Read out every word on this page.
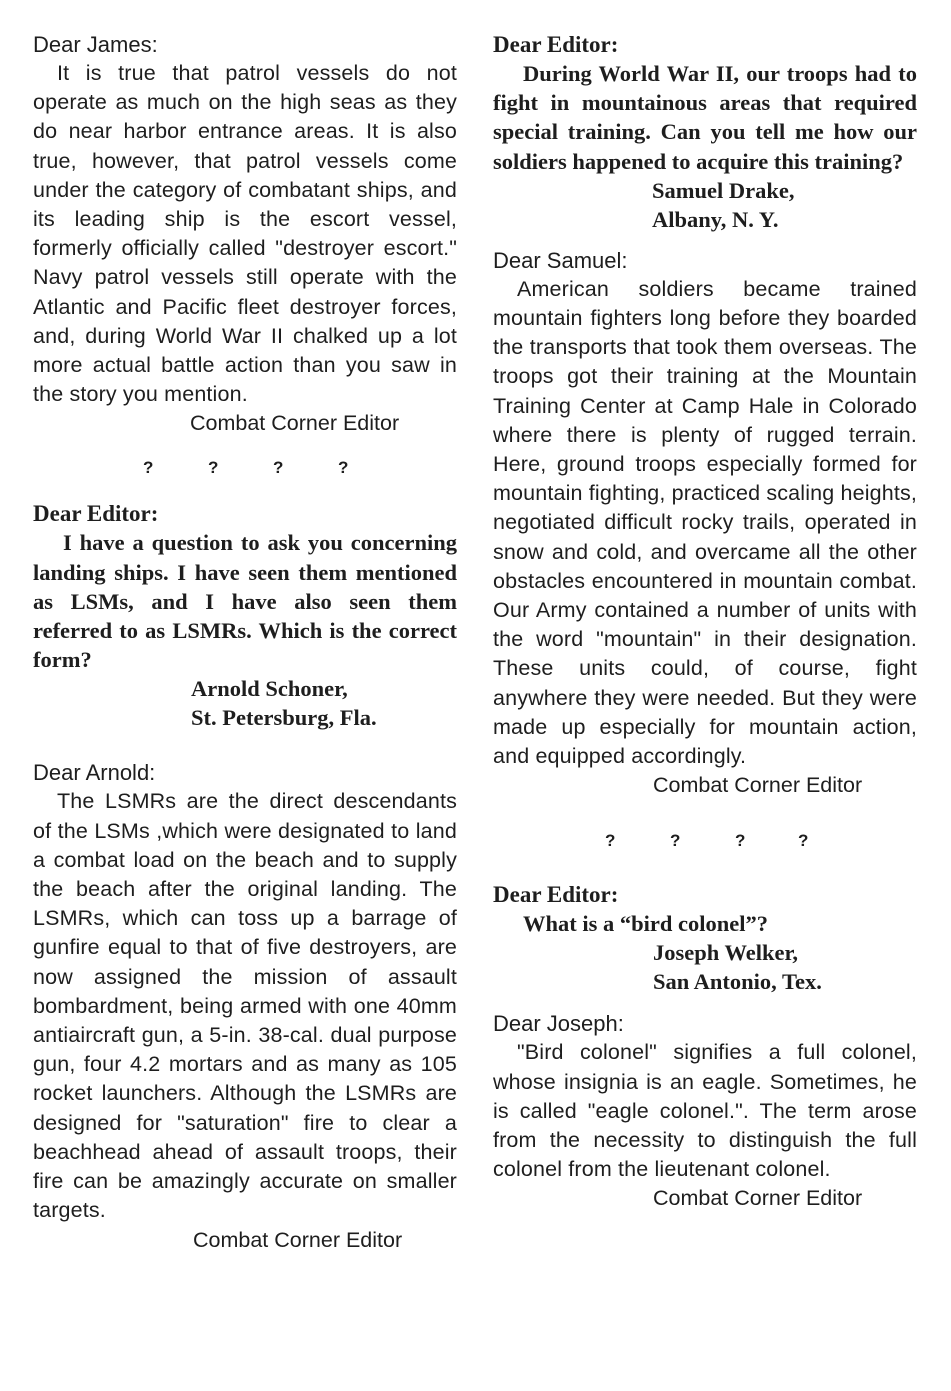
Dear James:

It is true that patrol vessels do not operate as much on the high seas as they do near harbor entrance areas. It is also true, however, that patrol vessels come under the category of combatant ships, and its leading ship is the escort vessel, formerly officially called "destroyer escort." Navy patrol vessels still operate with the Atlantic and Pacific fleet destroyer forces, and, during World War II chalked up a lot more actual battle action than you saw in the story you mention.

Combat Corner Editor

?	?	?	?

Dear Editor:

I have a question to ask you concerning landing ships. I have seen them mentioned as LSMs, and I have also seen them referred to as LSMRs. Which is the correct form?

Arnold Schoner,

St. Petersburg, Fla.

Dear Arnold:

The LSMRs are the direct descendants of the LSMs ,which were designated to land a combat load on the beach and to supply the beach after the original landing. The LSMRs, which can toss up a barrage of gunfire equal to that of five destroyers, are now assigned the mission of assault bombardment, being armed with one 40mm antiaircraft gun, a 5-in. 38-cal. dual purpose gun, four 4.2 mortars and as many as 105 rocket launchers. Although the LSMRs are designed for "saturation" fire to clear a beachhead ahead of assault troops, their fire can be amazingly accurate on smaller targets.

Combat Corner Editor

Dear Editor:

During World War II, our troops had to fight in mountainous areas that required special training. Can you tell me how our soldiers happened to acquire this training?

Samuel Drake,

Albany, N. Y.

Dear Samuel:

American soldiers became trained mountain fighters long before they boarded the transports that took them overseas. The troops got their training at the Mountain Training Center at Camp Hale in Colorado where there is plenty of rugged terrain. Here, ground troops especially formed for mountain fighting, practiced scaling heights, negotiated difficult rocky trails, operated in snow and cold, and overcame all the other obstacles encountered in mountain combat. Our Army contained a number of units with the word "mountain" in their designation. These units could, of course, fight anywhere they were needed. But they were made up especially for mountain action, and equipped accordingly.

Combat Corner Editor

?	?	?	?

Dear Editor:

What is a “bird colonel”?

Joseph Welker,

San Antonio, Tex.

Dear Joseph:

"Bird colonel" signifies a full colonel, whose insignia is an eagle. Sometimes, he is called "eagle colonel.". The term arose from the necessity to distinguish the full colonel from the lieutenant colonel.

Combat Corner Editor
